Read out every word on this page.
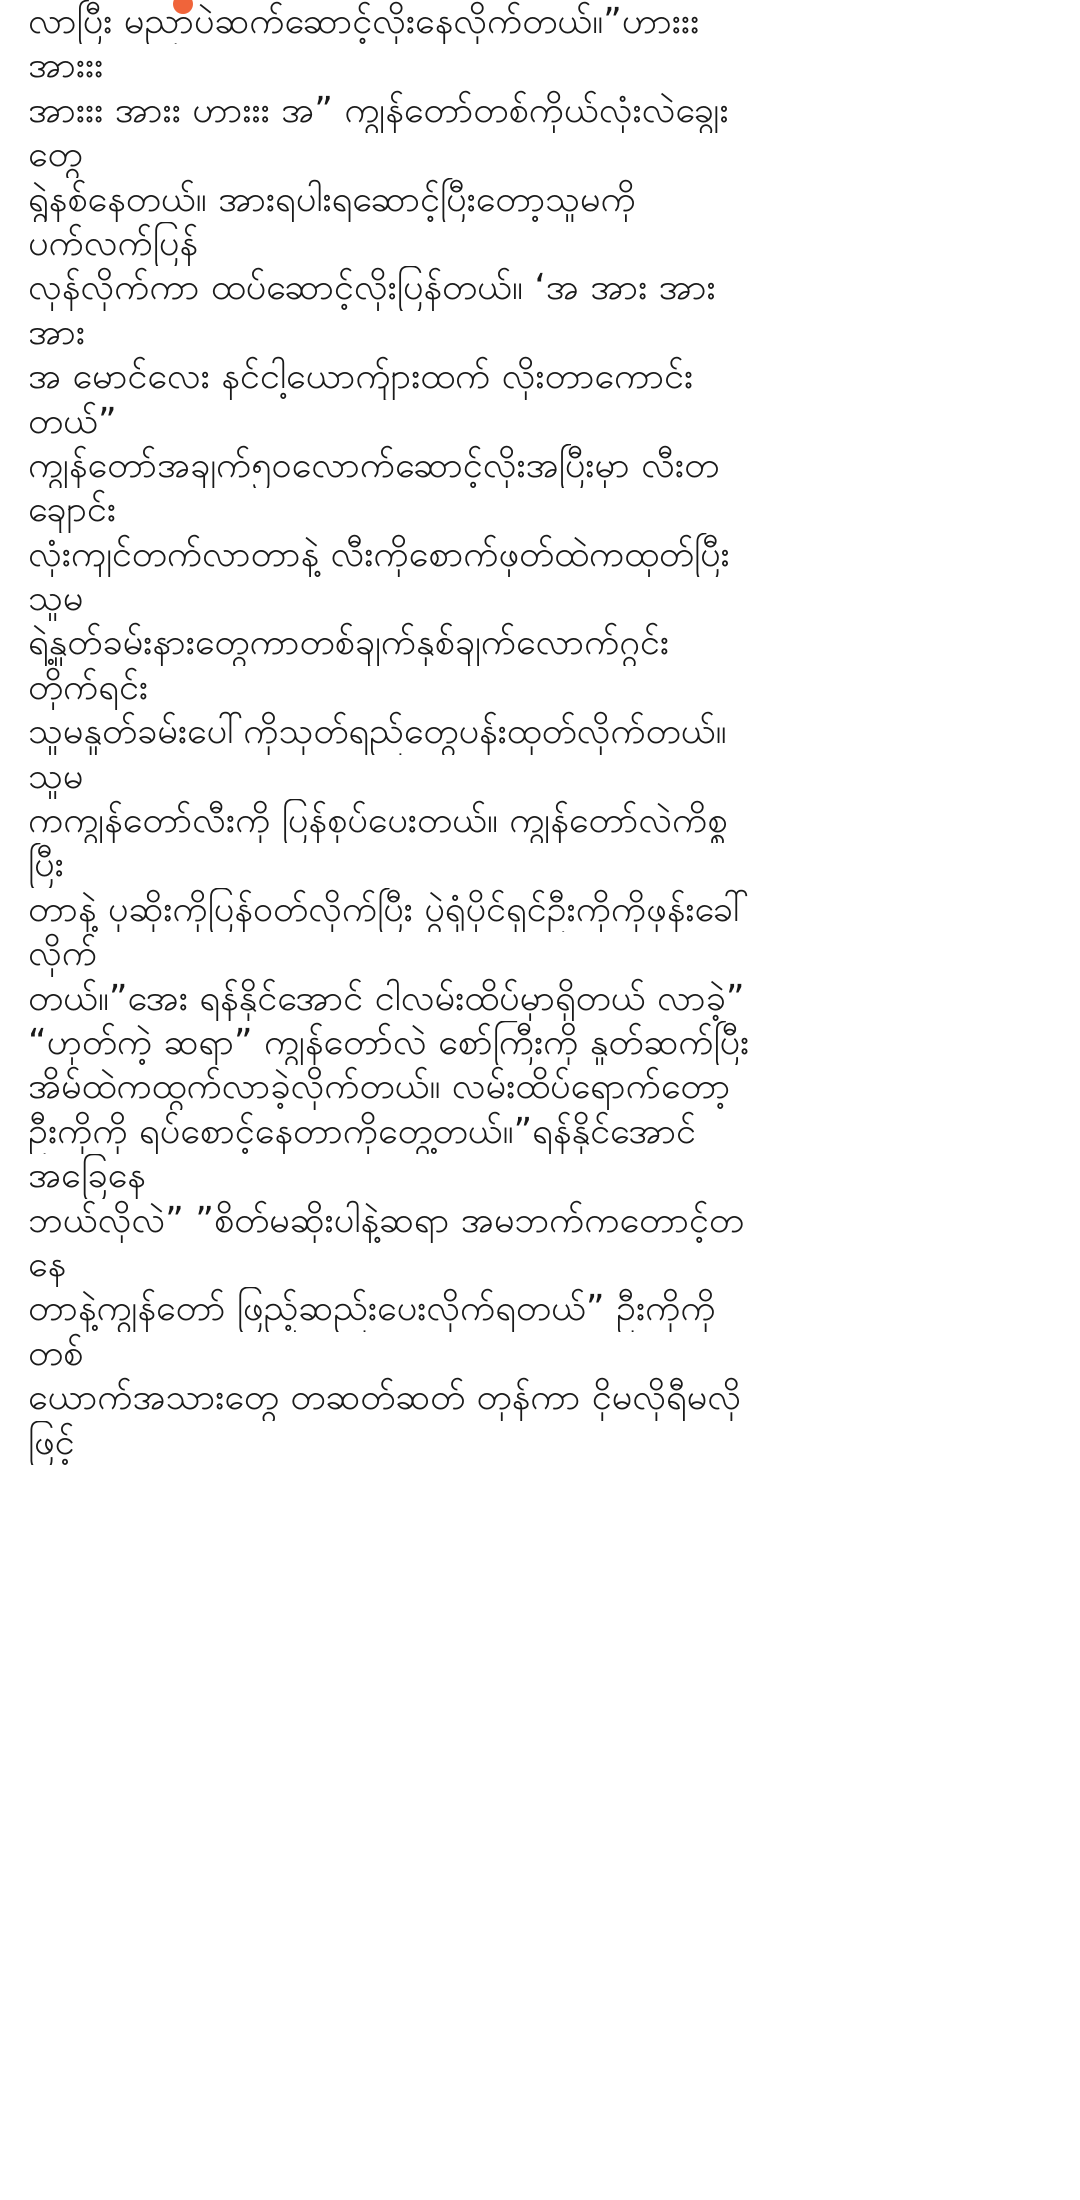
လာပြီး မညာပဲဆက်ဆောင့်လိုးနေလိုက်တယ်။”ဟားးး
အားးး
အားးး အားး ဟားးး အ” ကျွန်တော်တစ်ကိုယ်လုံးလဲချွေး
တွေ
ရွဲနစ်နေတယ်။ အားရပါးရဆောင့်ပြီးတော့သူမကို
ပက်လက်ပြန်
လှန်လိုက်ကာ ထပ်ဆောင့်လိုးပြန်တယ်။ ‘အ အား အား
အား
အ မောင်လေး နင်ငါ့ယောက်ျားထက် လိုးတာကောင်း
တယ်”
ကျွန်တော်အချက်၅၀လောက်ဆောင့်လိုးအပြီးမှာ လီးတ
ချောင်း
လုံးကျင်တက်လာတာနဲ့ လီးကိုစောက်ဖုတ်ထဲကထုတ်ပြီး
သူမ
ရဲ့နှုတ်ခမ်းနားတွေကာတစ်ချက်နှစ်ချက်လောက်ဂွင်း
တိုက်ရင်း
သူမနှုတ်ခမ်းပေါ်ကိုသုတ်ရည်တွေပန်းထုတ်လိုက်တယ်။
သူမ
ကကျွန်တော်လီးကို ပြန်စုပ်ပေးတယ်။ ကျွန်တော်လဲကိစ္စ
ပြီး
တာနဲ့ ပုဆိုးကိုပြန်ဝတ်လိုက်ပြီး ပွဲရုံပိုင်ရှင်ဦးကိုကိုဖုန်းခေါ်
လိုက်
တယ်။”အေး ရန်နိုင်အောင် ငါလမ်းထိပ်မှာရှိတယ် လာခဲ့”
“ဟုတ်ကဲ့ ဆရာ” ကျွန်တော်လဲ စော်ကြီးကို နှုတ်ဆက်ပြီး
အိမ်ထဲကထွက်လာခဲ့လိုက်တယ်။ လမ်းထိပ်ရောက်တော့
ဦးကိုကို ရပ်စောင့်နေတာကိုတွေ့တယ်။”ရန်နိုင်အောင်
အခြေနေ
ဘယ်လိုလဲ” ”စိတ်မဆိုးပါနဲ့ဆရာ အမဘက်ကတောင့်တ
နေ
တာနဲ့ကျွန်တော် ဖြည့်ဆည်းပေးလိုက်ရတယ်” ဦးကိုကို
တစ်
ယောက်အသားတွေ တဆတ်ဆတ် တုန်ကာ ငိုမလိုရီမလို
ဖြင့်
